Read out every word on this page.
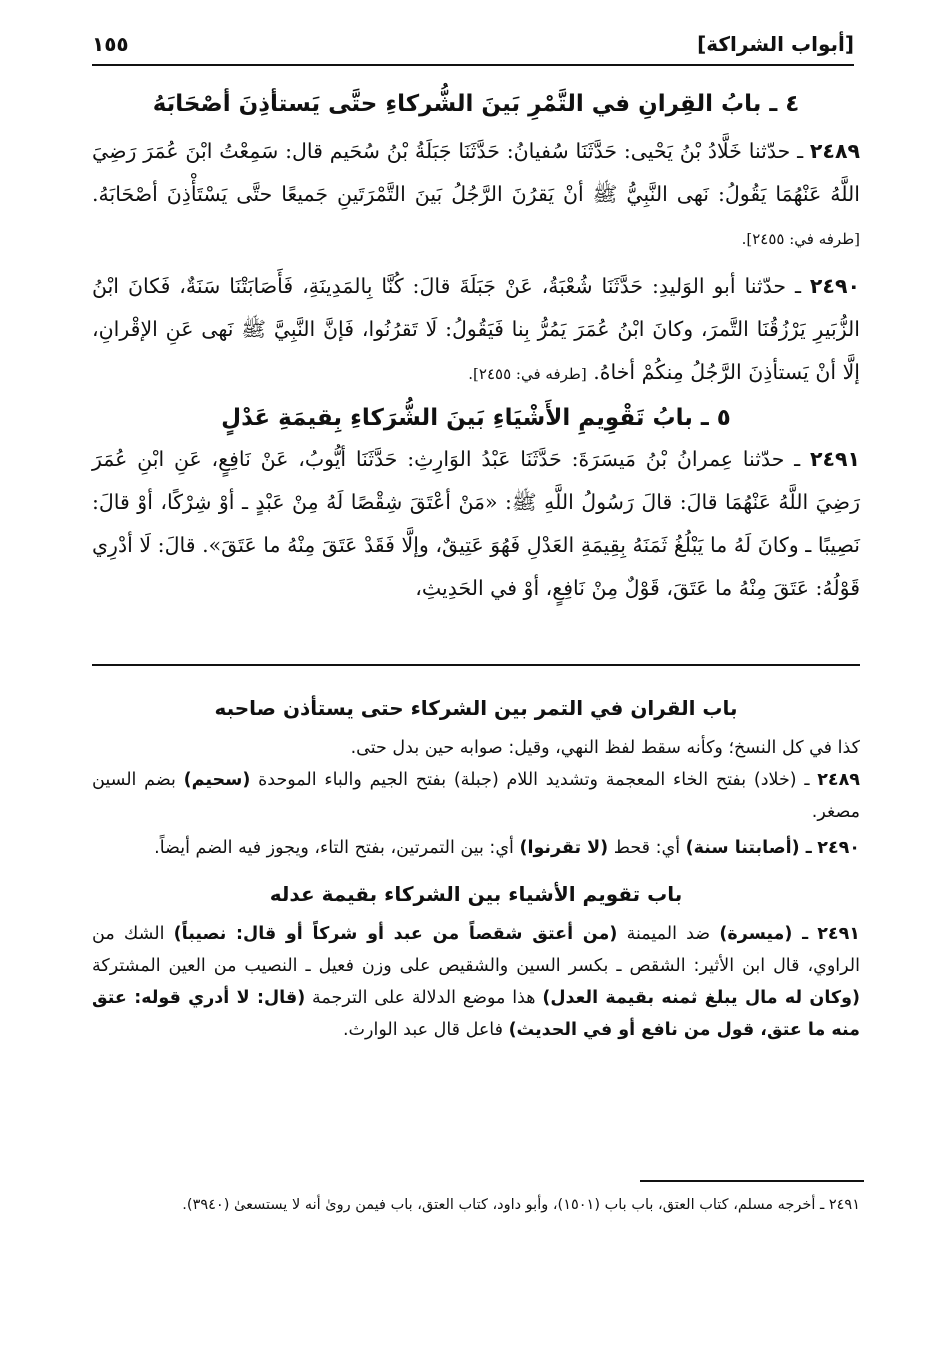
[أبواب الشراكة]
١٥٥
٤ ـ بابُ القِرانِ في التَّمْرِ بَينَ الشُّركاءِ حتَّى يَستأذِنَ أصْحَابَهُ
٢٤٨٩ ـ حدّثنا خَلَّادُ بْنُ يَحْيى: حَدَّثَنَا سُفيانُ: حَدَّثَنَا جَبَلَةُ بْنُ سُحَيم قال: سَمِعْتُ ابْنَ عُمَرَ رَضِيَ اللَّهُ عَنْهُمَا يَقُولُ: نَهى النَّبِيُّ ﷺ أنْ يَقرُنَ الرَّجُلُ بَينَ التَّمْرَتَينِ جَميعًا حتَّى يَسْتَأْذِنَ أصْحَابَهُ. [طرفه في: ٢٤٥٥].
٢٤٩٠ ـ حدّثنا أبو الوَليدِ: حَدَّثَنَا شُعْبَةُ، عَنْ جَبَلَةَ قالَ: كُنَّا بِالمَدِينَةِ، فَأَصَابَتْنَا سَنَةٌ، فَكانَ ابْنُ الزُّبَيرِ يَرْزُقُنَا التَّمرَ، وكانَ ابْنُ عُمَرَ يَمُرُّ بِنا فَيَقُولُ: لَا تَقرُنُوا، فَإنَّ النَّبِيَّ ﷺ نَهى عَنِ الإقْرانِ، إلَّا أنْ يَستأذِنَ الرَّجُلُ مِنكُمْ أخاهُ. [طرفه في: ٢٤٥٥].
٥ ـ بابُ تَقْوِيمِ الأَشْيَاءِ بَينَ الشُّرَكاءِ بِقيمَةِ عَدْلٍ
٢٤٩١ ـ حدّثنا عِمرانُ بْنُ مَيسَرَةَ: حَدَّثَنَا عَبْدُ الوَارِثِ: حَدَّثَنَا أيُّوبُ، عَنْ نَافِعٍ، عَنِ ابْنِ عُمَرَ رَضِيَ اللَّهُ عَنْهُمَا قالَ: قالَ رَسُولُ اللَّهِ ﷺ: «مَنْ أعْتَقَ شِقْصًا لَهُ مِنْ عَبْدٍ ـ أوْ شِرْكًا، أوْ قالَ: نَصِيبًا ـ وكانَ لَهُ ما يَبْلُغُ ثَمَنَهُ بِقِيمَةِ العَدْلِ فَهُوَ عَتِيقٌ، وإلَّا فَقَدْ عَتَقَ مِنْهُ ما عَتَقَ». قالَ: لَا أدْرِي قَوْلُهُ: عَتَقَ مِنْهُ ما عَتَقَ، قَوْلٌ مِنْ نَافِعٍ، أوْ في الحَدِيثِ،
باب القران في التمر بين الشركاء حتى يستأذن صاحبه
كذا في كل النسخ؛ وكأنه سقط لفظ النهي، وقيل: صوابه حين بدل حتى.
٢٤٨٩ ـ (خلاد) بفتح الخاء المعجمة وتشديد اللام (جبلة) بفتح الجيم والباء الموحدة (سحيم) بضم السين مصغر.
٢٤٩٠ ـ (أصابتنا سنة) أي: قحط (لا تقرنوا) أي: بين التمرتين، بفتح التاء، ويجوز فيه الضم أيضاً.
باب تقويم الأشياء بين الشركاء بقيمة عدله
٢٤٩١ ـ (ميسرة) ضد الميمنة (من أعتق شقصاً من عبد أو شركاً أو قال: نصيباً) الشك من الراوي، قال ابن الأثير: الشقص ـ بكسر السين والشقيص على وزن فعيل ـ النصيب من العين المشتركة (وكان له مال يبلغ ثمنه بقيمة العدل) هذا موضع الدلالة على الترجمة (قال: لا أدري قوله: عتق منه ما عتق، قول من نافع أو في الحديث) فاعل قال عبد الوارث.
٢٤٩١ ـ أخرجه مسلم، كتاب العتق، باب باب (١٥٠١)، وأبو داود، كتاب العتق، باب فيمن روىٰ أنه لا يستسعىٰ (٣٩٤٠).
